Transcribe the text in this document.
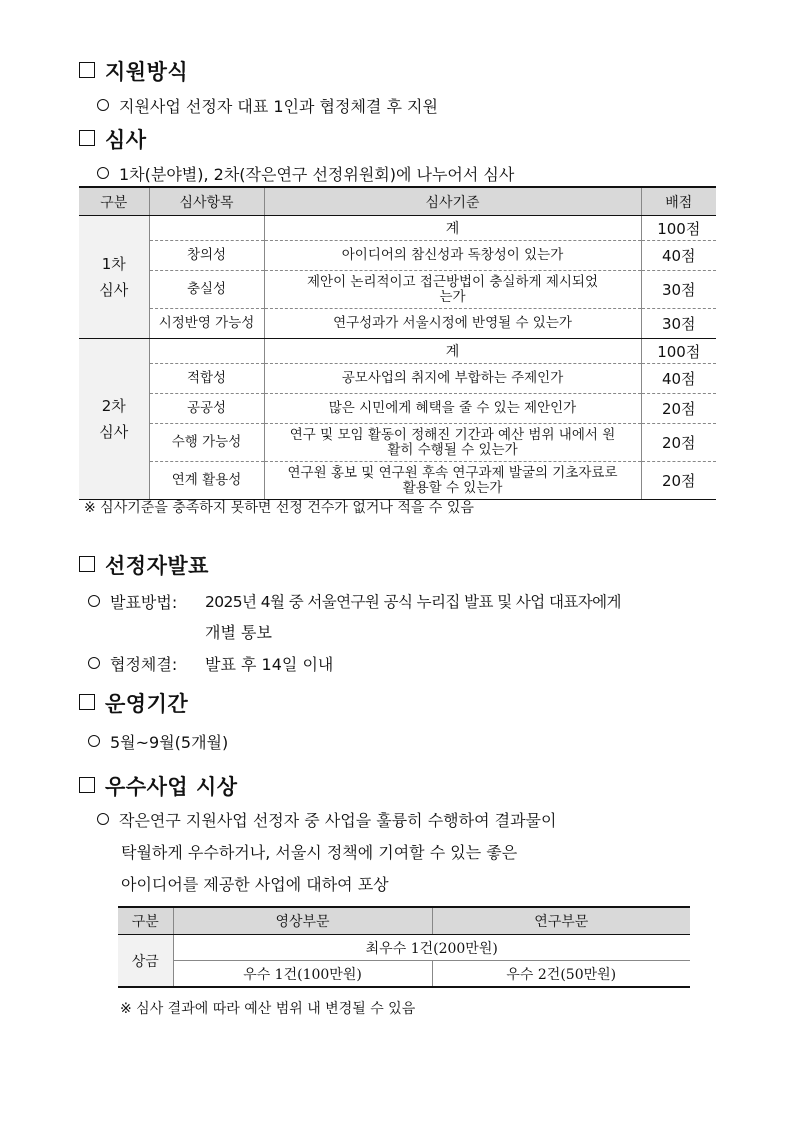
지원방식
지원사업 선정자 대표 1인과 협정체결 후 지원
심사
1차(분야별), 2차(작은연구 선정위원회)에 나누어서 심사
구분	심사항목	심사기준	배점
1차
심사		계	100점
	창의성	아이디어의 참신성과 독창성이 있는가	40점
	충실성	제안이 논리적이고 접근방법이 충실하게 제시되었는가	30점
	시정반영 가능성	연구성과가 서울시정에 반영될 수 있는가	30점
2차
심사		계	100점
	적합성	공모사업의 취지에 부합하는 주제인가	40점
	공공성	많은 시민에게 혜택을 줄 수 있는 제안인가	20점
	수행 가능성	연구 및 모임 활동이 정해진 기간과 예산 범위 내에서 원활히 수행될 수 있는가	20점
	연계 활용성	연구원 홍보 및 연구원 후속 연구과제 발굴의 기초자료로 활용할 수 있는가	20점
※ 심사기준을 충족하지 못하면 선정 건수가 없거나 적을 수 있음
선정자발표
발표방법: 2025년 4월 중 서울연구원 공식 누리집 발표 및 사업 대표자에게
개별 통보
협정체결: 발표 후 14일 이내
운영기간
5월~9월(5개월)
우수사업 시상
작은연구 지원사업 선정자 중 사업을 훌륭히 수행하여 결과물이
탁월하게 우수하거나, 서울시 정책에 기여할 수 있는 좋은
아이디어를 제공한 사업에 대하여 포상
구분	영상부문	연구부문
상금	최우수 1건(200만원)	
	우수 1건(100만원)	우수 2건(50만원)
※ 심사 결과에 따라 예산 범위 내 변경될 수 있음
